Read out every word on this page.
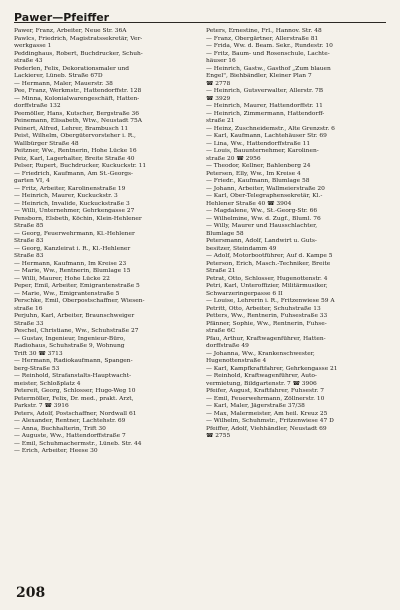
Pawer—Pfeiffer
Pawer, Franz, Arbeiter, Neue Str. 36A
Pawlcs, Friedrich, Magistratssekretär, Ver-
werkgasse 1
Peddinghaus, Robert, Buchdrucker, Schuh-
straße 43
Pederlen, Felix, Dekorationsmaler und
Lackierer, Lüneb. Straße 67D
— Hermann, Maler, Mauerstr. 38
Pee, Franz, Werkmstr., Hattendorffstr. 128
— Minna, Kolonialwarengeschäft, Hatten-
dorffstraße 132
Peemöller, Hans, Kutscher, Bergstraße 36
Peinemann, Elisabeth, Wtw., Neustadt 75A
Peinert, Alfred, Lehrer, Brambusch 11
Peist, Wilhelm, Obergütervorsteher i. R.,
Wallbürger Straße 48
Peitzner, Ww., Rentnerin, Hohe Lücke 16
Peiz, Karl, Lagerhalter, Breite Straße 40
Pelser, Rupert, Buchdrucker, Kuckuckstr. 11
— Friedrich, Kaufmann, Am St.-Georgs-
garten VI, 4
— Fritz, Arbeiter, Karolinenstraße 19
— Heinrich, Maurer, Kuckuckstr. 3
— Heinrich, Invalide, Kuckuckstraße 3
— Willi, Unternehmer, Gehrkengasse 27
Pensborn, Elsbeth, Köchin, Klein-Hehlener
Straße 85
— Georg, Feuerwehrmann, Kl.-Hehlener
Straße 83
— Georg, Kanzleirat i. R., Kl.-Hehlener
Straße 83
— Hermann, Kaufmann, Im Kreise 23
— Marie, Ww., Rentnerin, Blumlage 15
— Willi, Maurer, Hohe Lücke 22
Peper, Emil, Arbeiter, Emigrantenstraße 5
— Marie, Ww., Emigrantenstraße 5
Perschke, Emil, Oberpostschaffner, Wiesen-
straße 16
Perjuhn, Karl, Arbeiter, Braunschweiger
Straße 33
Peschel, Christiane, Ww., Schuhstraße 27
— Gustav, Ingenieur, Ingenieur-Büro,
Radiohaus, Schuhstraße 9, Wohnung
Trift 30 ☎ 3713
— Hermann, Radiokaufmann, Spangen-
berg-Straße 53
— Reinhold, Strafanstalts-Hauptwacht-
meister, Schloßplatz 4
Petereit, Georg, Schlosser, Hugo-Weg 10
Petermöller, Felix, Dr. med., prakt. Arzt,
Parkstr. 7 ☎ 3916
Peters, Adolf, Postschaffner, Nordwall 61
— Alexander, Rentner, Lachtehstr. 69
— Anna, Buchhalterin, Trift 30
— Auguste, Ww., Hattendorffstraße 7
— Emil, Schuhmachermstr., Lüneb. Str. 44
— Erich, Arbeiter, Heese 30
Peters, Ernestine, Frl., Hannov. Str. 48
— Franz, Obergärtner, Allerstraße 81
— Frida, Ww. d. Beam. Sekr., Rundestr. 10
— Fritz, Baum- und Rosenschule, Lachte-
häuser 16
— Heinrich, Gastw., Gasthof „Zum blauen
Engel", Biehbändler, Kleiner Plan 7
☎ 2778
— Heinrich, Gutsverwalter, Allerstr. 7B
☎ 3929
— Heinrich, Maurer, Hattendorffstr. 11
— Heinrich, Zimmermann, Hattendorff-
straße 21
— Heinz, Zuschneidemstr., Alte Grenzstr. 6
— Karl, Kaufmann, Lachtehäuser Str. 69
— Lina, Ww., Hattendorffstraße 11
— Louis, Bauunternehmer, Karolinen-
straße 20 ☎ 2956
— Theodor, Kellner, Bahlenberg 24
Petersen, Elly, Ww., Im Kreise 4
— Friedr., Kaufmann, Blumlage 58
— Johann, Arbeiter, Wallmeierstraße 20
— Karl, Ober-Telegraphensekretär, Kl.-
Hehlener Straße 40 ☎ 3904
— Magdalene, Ww., St.-Georg-Str. 66
— Wilhelmine, Ww. d. Zugf., Bluml. 76
— Willy, Maurer und Hausschlachter,
Blumlage 58
Petersmann, Adolf, Landwirt u. Guts-
besitzer, Steindamm 49
— Adolf, Motorbootführer, Auf d. Kampe 5
Peterson, Erich, Masch.-Techniker, Breite
Straße 21
Petrat, Otto, Schlosser, Hugenottenstr. 4
Petri, Karl, Unteroffizier, Militärmusiker,
Schwarzeringerpasse 6 II
— Louise, Lehrerin i. R., Fritzenwiese 59 A
Petritt, Otto, Arbeiter, Schuhstraße 13
Petters, Ww., Rentnerin, Fuhsestraße 33
Pfänner, Sophie, Ww., Rentnerin, Fuhse-
straße 6C
Pfau, Arthur, Kraftwagenführer, Hatten-
dorffstraße 49
— Johanna, Ww., Krankenschwester,
Hugenottenstraße 4
— Karl, Kampfkraftfahrer, Gehrkengasse 21
— Reinhold, Kraftwagenführer, Auto-
vermietung, Bildgartenstr. 7 ☎ 3906
Pfeifer, August, Kraftfahrer, Fuhsestr. 7
— Emil, Feuerwehrmann, Zöllnerstr. 10
— Karl, Maler, Jägerstraße 37/38
— Max, Malermeister, Am heil. Kreuz 25
— Wilhelm, Schuhmstr., Fritzenwiese 47 D
Pfeiffer, Adolf, Viehhändler, Neustadt 69
☎ 2755
208
